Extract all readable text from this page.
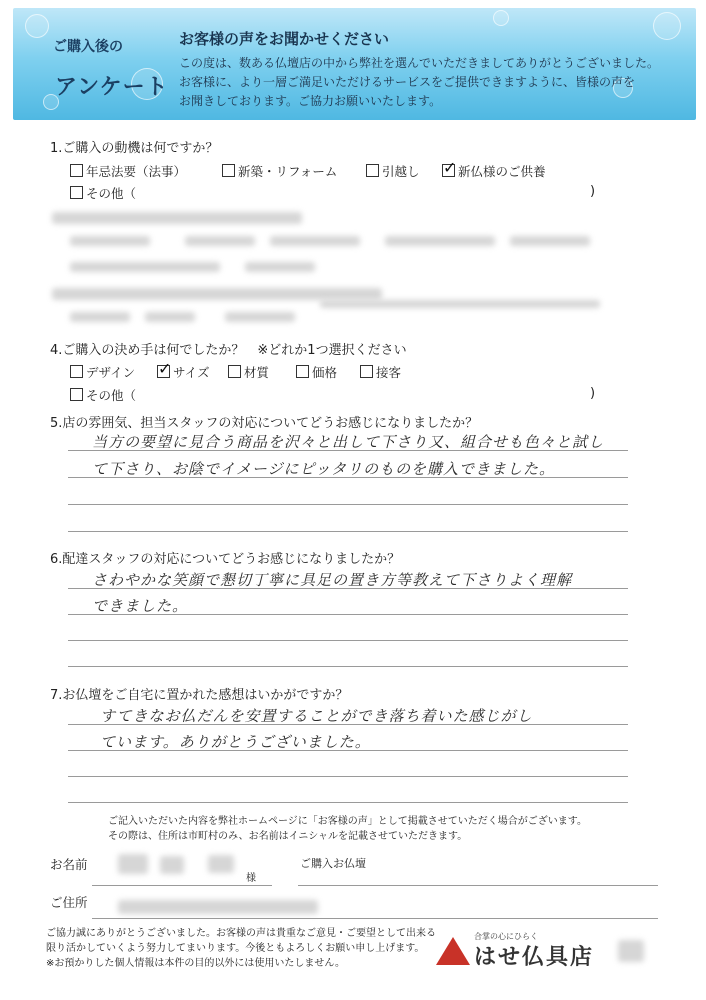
ご購入後の
アンケート
お客様の声をお聞かせください
この度は、数ある仏壇店の中から弊社を選んでいただきましてありがとうございました。
お客様に、より一層ご満足いただけるサービスをご提供できますように、皆様の声を
お聞きしております。ご協力お願いいたします。
1.ご購入の動機は何ですか？
年忌法要（法事）	新築・リフォーム	引越し ✓	新仏様のご供養
その他（	)
4.ご購入の決め手は何でしたか？　※どれか1つ選択ください
デザイン ✓	サイズ	材質	価格	接客
その他（	)
5.店の雰囲気、担当スタッフの対応についてどうお感じになりましたか？
当方の要望に見合う商品を沢々と出して下さり又、組合せも色々と試し
て下さり、お陰でイメージにピッタリのものを購入できました。
6.配達スタッフの対応についてどうお感じになりましたか？
さわやかな笑顔で懇切丁寧に具足の置き方等教えて下さりよく理解
できました。
7.お仏壇をご自宅に置かれた感想はいかがですか？
すてきなお仏だんを安置することができ落ち着いた感じがし
ています。ありがとうございました。
ご記入いただいた内容を弊社ホームページに「お客様の声」として掲載させていただく場合がございます。
その際は、住所は市町村のみ、お名前はイニシャルを記載させていただきます。
お名前
様
ご購入お仏壇
ご住所
ご協力誠にありがとうございました。お客様の声は貴重なご意見・ご要望として出来る
限り活かしていくよう努力してまいります。今後ともよろしくお願い申し上げます。
※お預かりした個人情報は本件の目的以外には使用いたしません。
合掌の心にひらく
はせ仏具店
